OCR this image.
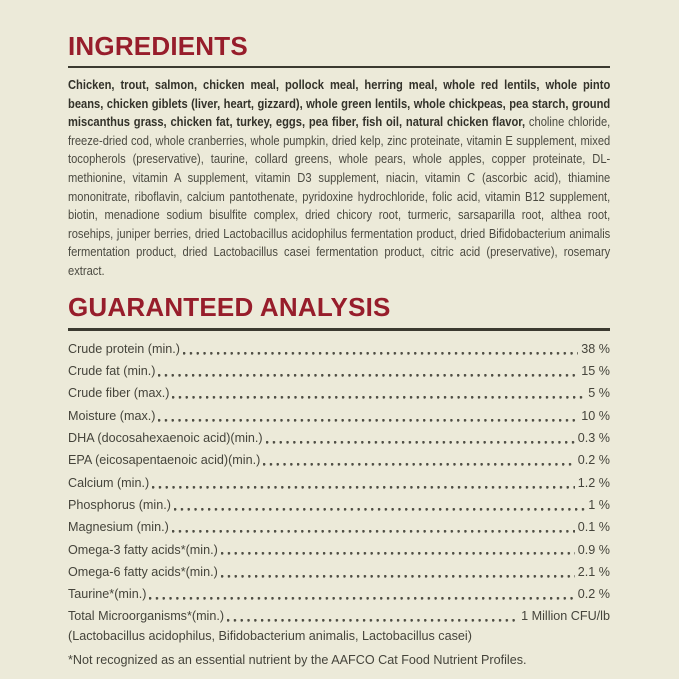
INGREDIENTS

Chicken, trout, salmon, chicken meal, pollock meal, herring meal, whole red lentils, whole pinto beans, chicken giblets (liver, heart, gizzard), whole green lentils, whole chickpeas, pea starch, ground miscanthus grass, chicken fat, turkey, eggs, pea fiber, fish oil, natural chicken flavor, choline chloride, freeze-dried cod, whole cranberries, whole pumpkin, dried kelp, zinc proteinate, vitamin E supplement, mixed tocopherols (preservative), taurine, collard greens, whole pears, whole apples, copper proteinate, DL-methionine, vitamin A supplement, vitamin D3 supplement, niacin, vitamin C (ascorbic acid), thiamine mononitrate, riboflavin, calcium pantothenate, pyridoxine hydrochloride, folic acid, vitamin B12 supplement, biotin, menadione sodium bisulfite complex, dried chicory root, turmeric, sarsaparilla root, althea root, rosehips, juniper berries, dried Lactobacillus acidophilus fermentation product, dried Bifidobacterium animalis fermentation product, dried Lactobacillus casei fermentation product, citric acid (preservative), rosemary extract.

GUARANTEED ANALYSIS
Crude protein (min.)	38 %
Crude fat (min.)	15 %
Crude fiber (max.)	5 %
Moisture (max.)	10 %
DHA (docosahexaenoic acid)(min.)	0.3 %
EPA (eicosapentaenoic acid)(min.)	0.2 %
Calcium (min.)	1.2 %
Phosphorus (min.)	1 %
Magnesium (min.)	0.1 %
Omega-3 fatty acids*(min.)	0.9 %
Omega-6 fatty acids*(min.)	2.1 %
Taurine*(min.)	0.2 %
Total Microorganisms*(min.)	1 Million CFU/lb
(Lactobacillus acidophilus, Bifidobacterium animalis, Lactobacillus casei)
*Not recognized as an essential nutrient by the AAFCO Cat Food Nutrient Profiles.
